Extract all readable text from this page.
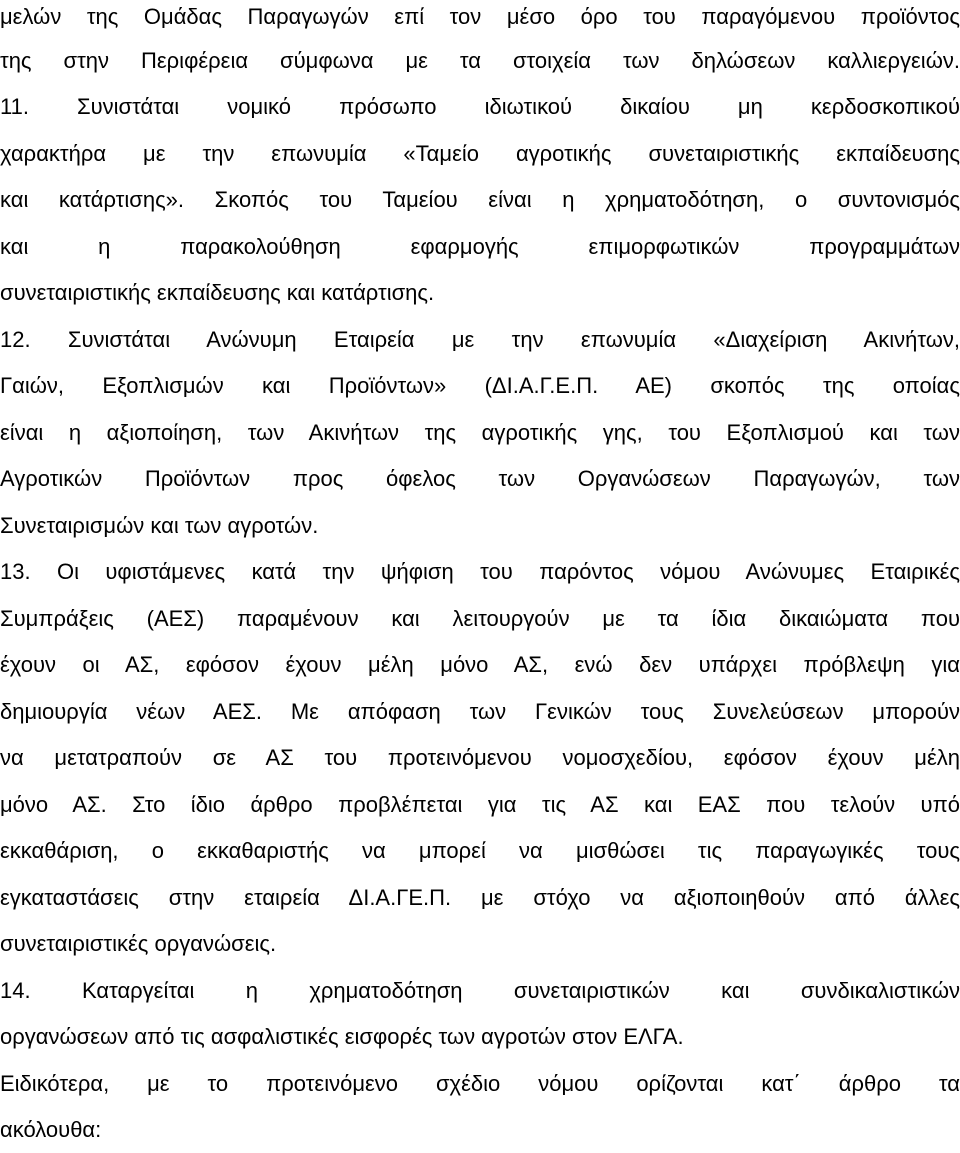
μελών της Ομάδας Παραγωγών επί τον μέσο όρο του παραγόμενου προϊόντος
της στην Περιφέρεια σύμφωνα με τα στοιχεία των δηλώσεων καλλιεργειών.
11. Συνιστάται νομικό πρόσωπο ιδιωτικού δικαίου μη κερδοσκοπικού
χαρακτήρα με την επωνυμία «Ταμείο αγροτικής συνεταιριστικής εκπαίδευσης
και κατάρτισης». Σκοπός του Ταμείου είναι η χρηματοδότηση, ο συντονισμός
και η παρακολούθηση εφαρμογής επιμορφωτικών προγραμμάτων
συνεταιριστικής εκπαίδευσης και κατάρτισης.
12. Συνιστάται Ανώνυμη Εταιρεία με την επωνυμία «Διαχείριση Ακινήτων,
Γαιών, Εξοπλισμών και Προϊόντων» (ΔΙ.Α.Γ.Ε.Π. ΑΕ) σκοπός της οποίας
είναι η αξιοποίηση, των Ακινήτων της αγροτικής γης, του Εξοπλισμού και των
Αγροτικών Προϊόντων προς όφελος των Οργανώσεων Παραγωγών, των
Συνεταιρισμών και των αγροτών.
13. Οι υφιστάμενες κατά την ψήφιση του παρόντος νόμου Ανώνυμες Εταιρικές
Συμπράξεις (ΑΕΣ) παραμένουν και λειτουργούν με τα ίδια δικαιώματα που
έχουν οι ΑΣ, εφόσον έχουν μέλη μόνο ΑΣ, ενώ δεν υπάρχει πρόβλεψη για
δημιουργία νέων ΑΕΣ. Με απόφαση των Γενικών τους Συνελεύσεων μπορούν
να μετατραπούν σε ΑΣ του προτεινόμενου νομοσχεδίου, εφόσον έχουν μέλη
μόνο ΑΣ. Στο ίδιο άρθρο προβλέπεται για τις ΑΣ και ΕΑΣ που τελούν υπό
εκκαθάριση, ο εκκαθαριστής να μπορεί να μισθώσει τις παραγωγικές τους
εγκαταστάσεις στην εταιρεία ΔΙ.Α.ΓΕ.Π. με στόχο να αξιοποιηθούν από άλλες
συνεταιριστικές οργανώσεις.
14. Καταργείται η χρηματοδότηση συνεταιριστικών και συνδικαλιστικών
οργανώσεων από τις ασφαλιστικές εισφορές των αγροτών στον ΕΛΓΑ.
Ειδικότερα, με το προτεινόμενο σχέδιο νόμου ορίζονται κατ΄ άρθρο τα
ακόλουθα:
